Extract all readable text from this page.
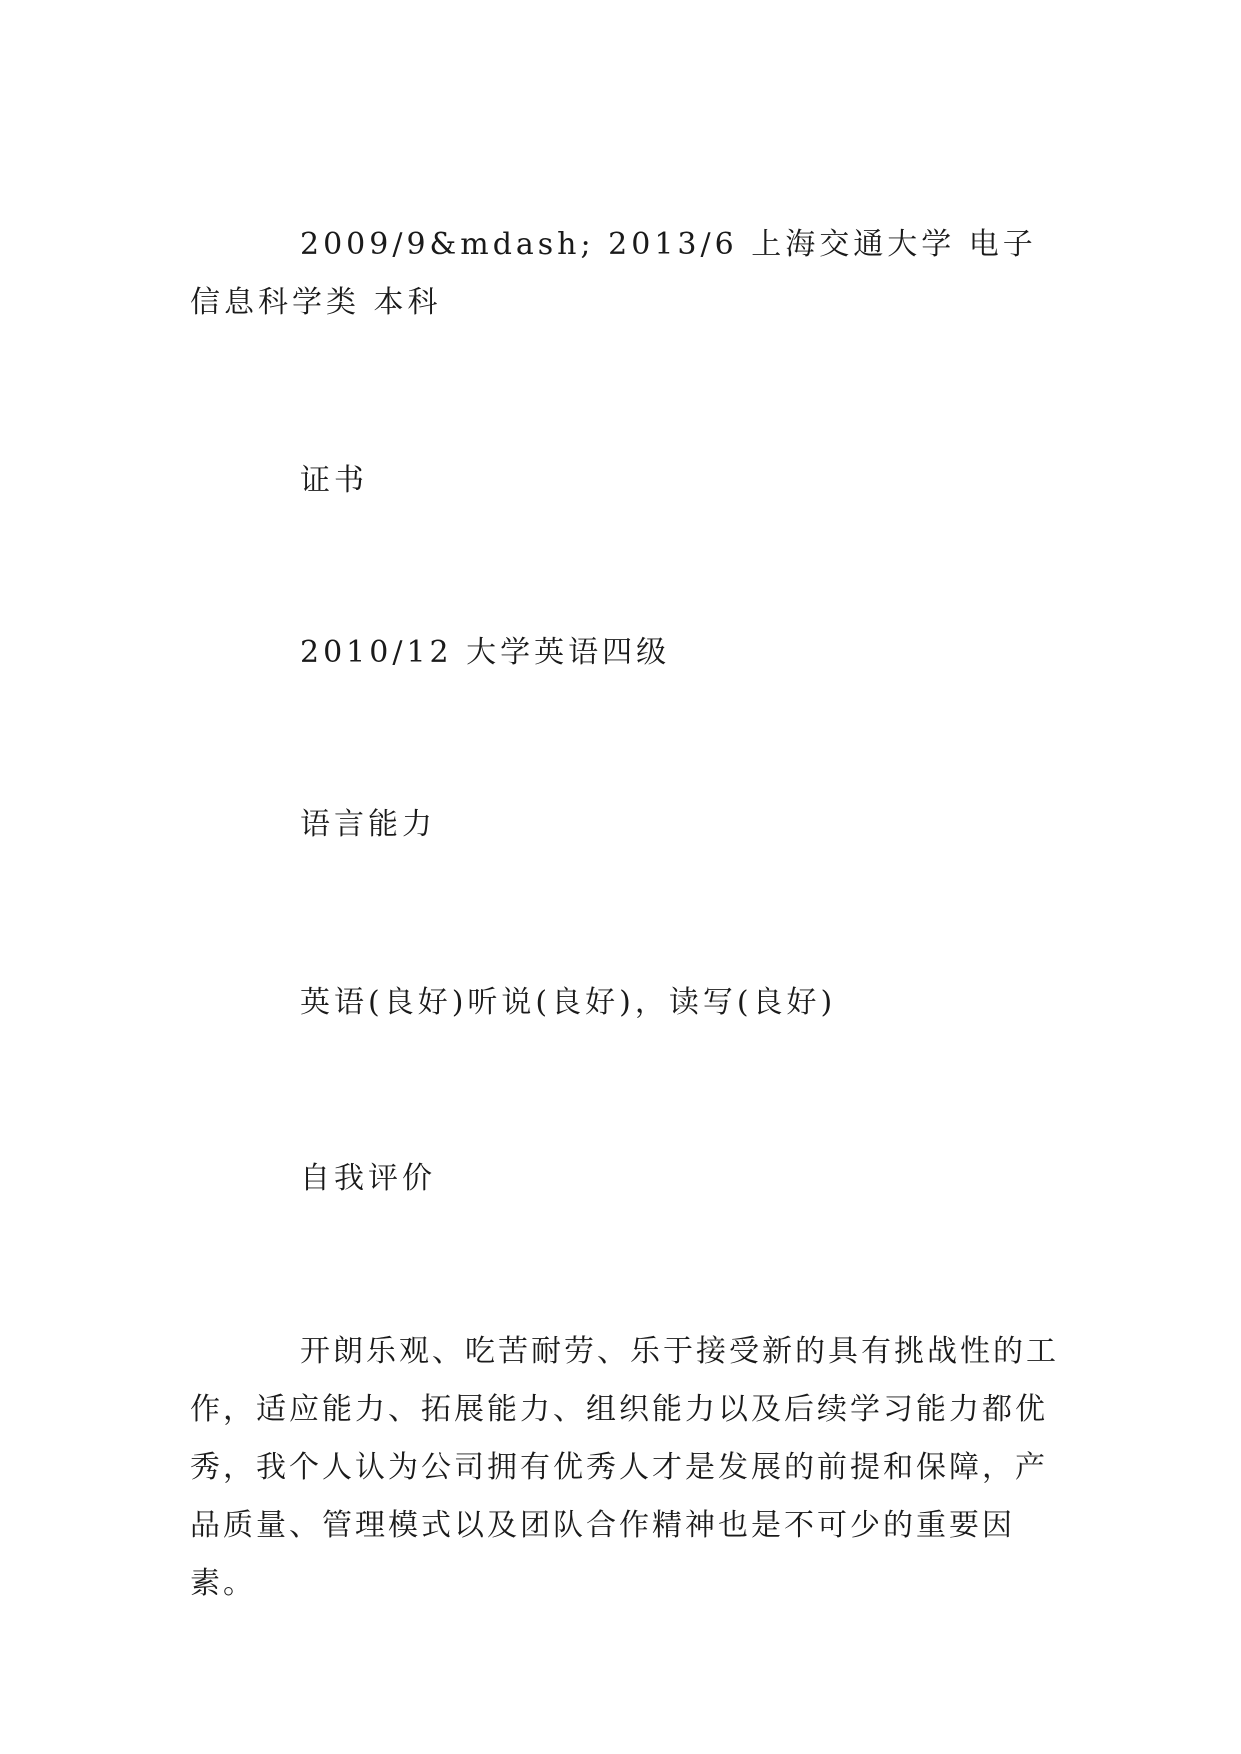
2009/9&mdash; 2013/6 上海交通大学 电子信息科学类 本科

证书

2010/12 大学英语四级

语言能力

英语(良好)听说(良好)，读写(良好)

自我评价

开朗乐观、吃苦耐劳、乐于接受新的具有挑战性的工作，适应能力、拓展能力、组织能力以及后续学习能力都优秀，我个人认为公司拥有优秀人才是发展的前提和保障，产品质量、管理模式以及团队合作精神也是不可少的重要因素。
